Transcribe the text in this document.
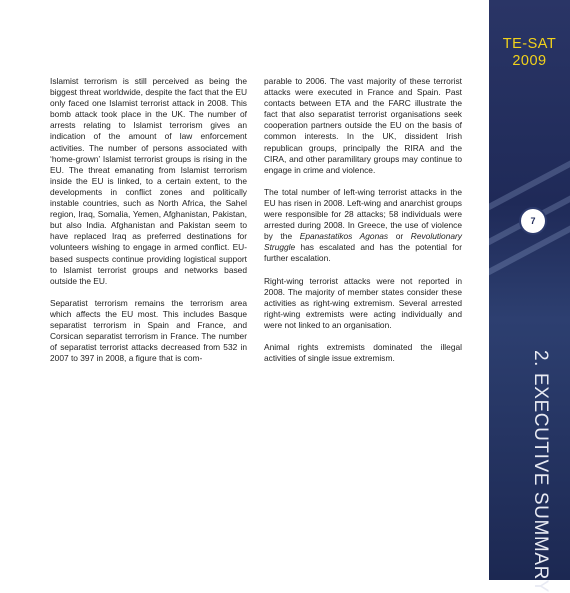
Islamist terrorism is still perceived as being the biggest threat worldwide, despite the fact that the EU only faced one Islamist terrorist attack in 2008. This bomb attack took place in the UK. The number of arrests relating to Islamist terrorism gives an indication of the amount of law enforcement activities. The number of persons associated with ‘home-grown’ Islamist terrorist groups is rising in the EU. The threat emanating from Islamist terrorism inside the EU is linked, to a certain extent, to the developments in conflict zones and politically instable countries, such as North Africa, the Sahel region, Iraq, Somalia, Yemen, Afghanistan, Pakistan, but also India. Afghanistan and Pakistan seem to have replaced Iraq as preferred destinations for volunteers wishing to engage in armed conflict. EU-based suspects continue providing logistical support to Islamist terrorist groups and networks based outside the EU.

Separatist terrorism remains the terrorism area which affects the EU most. This includes Basque separatist terrorism in Spain and France, and Corsican separatist terrorism in France. The number of separatist terrorist attacks decreased from 532 in 2007 to 397 in 2008, a figure that is com-

parable to 2006. The vast majority of these terrorist attacks were executed in France and Spain. Past contacts between ETA and the FARC illustrate the fact that also separatist terrorist organisations seek cooperation partners outside the EU on the basis of common interests. In the UK, dissident Irish republican groups, principally the RIRA and the CIRA, and other paramilitary groups may continue to engage in crime and violence.

The total number of left-wing terrorist attacks in the EU has risen in 2008. Left-wing and anarchist groups were responsible for 28 attacks; 58 individuals were arrested during 2008. In Greece, the use of violence by the Epanastatikos Agonas or Revolutionary Struggle has escalated and has the potential for further escalation.

Right-wing terrorist attacks were not reported in 2008. The majority of member states consider these activities as right-wing extremism. Several arrested right-wing extremists were acting individually and were not linked to an organisation.

Animal rights extremists dominated the illegal activities of single issue extremism.

TE-SAT
2009
7
2. EXECUTIVE SUMMARY
